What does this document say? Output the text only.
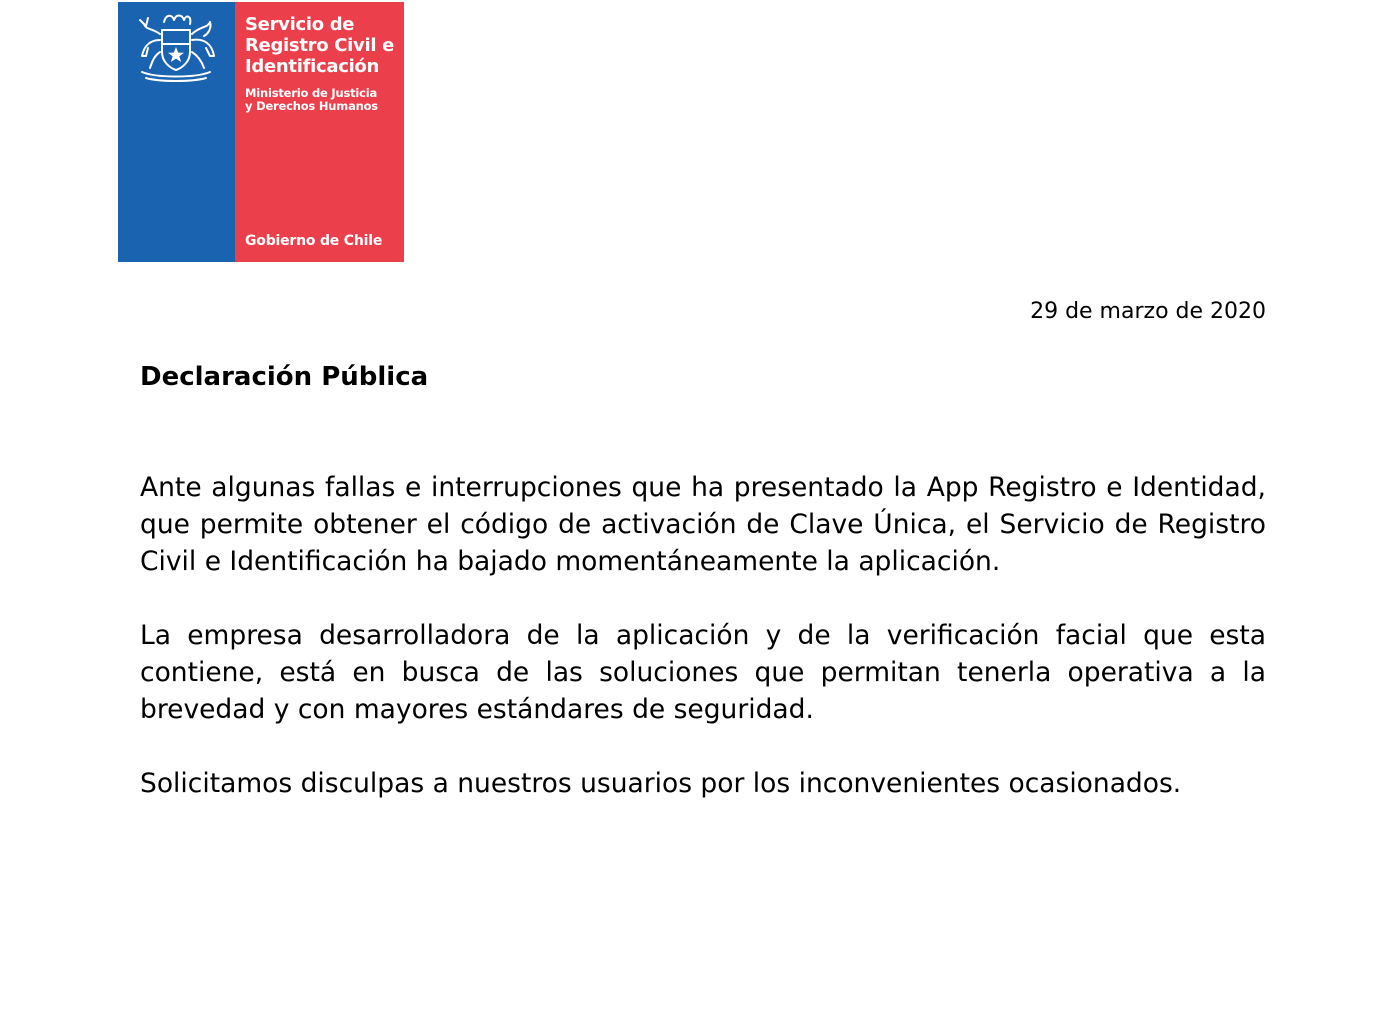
Servicio de
Registro Civil e
Identificación
Ministerio de Justicia
y Derechos Humanos
Gobierno de Chile
29 de marzo de 2020
Declaración Pública

Ante algunas fallas e interrupciones que ha presentado la App Registro e Identidad, que permite obtener el código de activación de Clave Única, el Servicio de Registro Civil e Identificación ha bajado momentáneamente la aplicación.

La empresa desarrolladora de la aplicación y de la verificación facial que esta contiene, está en busca de las soluciones que permitan tenerla operativa a la brevedad y con mayores estándares de seguridad.

Solicitamos disculpas a nuestros usuarios por los inconvenientes ocasionados.
